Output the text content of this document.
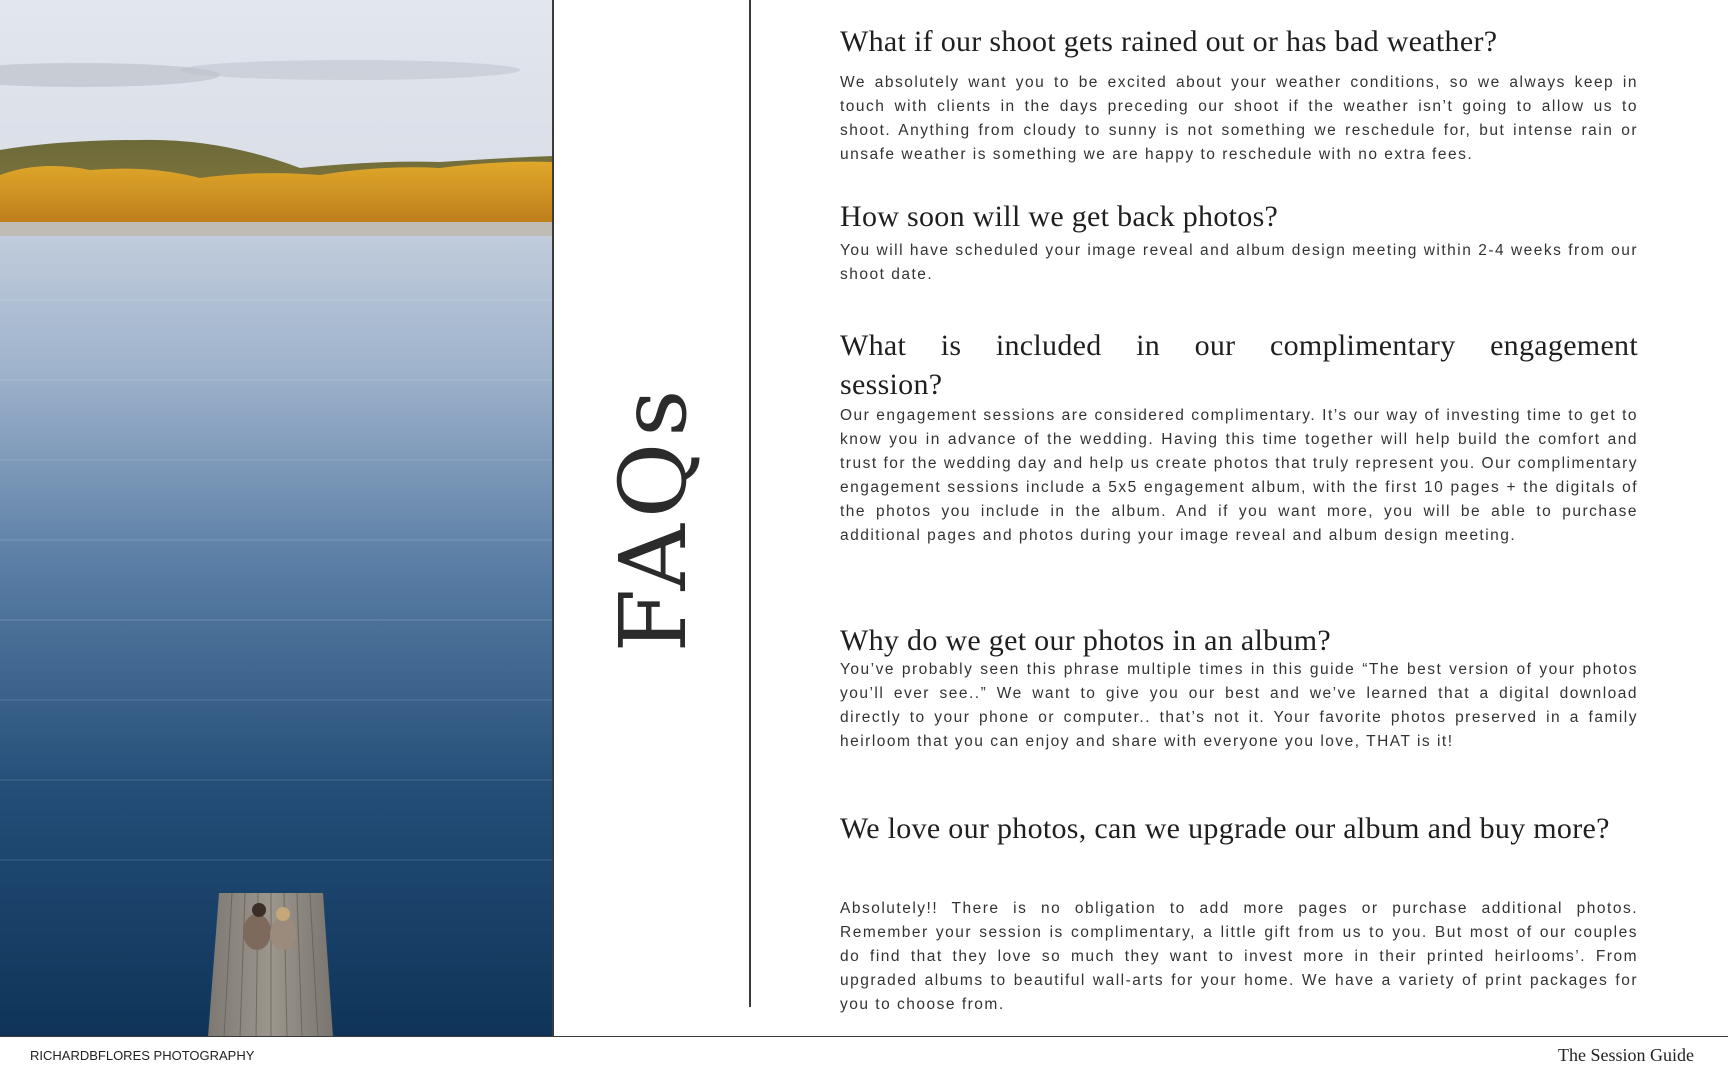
FAQs
What if our shoot gets rained out or has bad weather?

We absolutely want you to be excited about your weather conditions, so we always keep in touch with clients in the days preceding our shoot if the weather isn’t going to allow us to shoot. Anything from cloudy to sunny is not something we reschedule for, but intense rain or unsafe weather is something we are happy to reschedule with no extra fees.

How soon will we get back photos?

You will have scheduled your image reveal and album design meeting within 2-4 weeks from our shoot date.

What is included in our complimentary engagement session?

Our engagement sessions are considered complimentary. It’s our way of investing time to get to know you in advance of the wedding. Having this time together will help build the comfort and trust for the wedding day and help us create photos that truly represent you. Our complimentary engagement sessions include a 5x5 engagement album, with the first 10 pages + the digitals of the photos you include in the album. And if you want more, you will be able to purchase additional pages and photos during your image reveal and album design meeting.

Why do we get our photos in an album?

You’ve probably seen this phrase multiple times in this guide “The best version of your photos you’ll ever see..” We want to give you our best and we’ve learned that a digital download directly to your phone or computer.. that’s not it. Your favorite photos preserved in a family heirloom that you can enjoy and share with everyone you love, THAT is it!

We love our photos, can we upgrade our album and buy more?

Absolutely!! There is no obligation to add more pages or purchase additional photos. Remember your session is complimentary, a little gift from us to you. But most of our couples do find that they love so much they want to invest more in their printed heirlooms’. From upgraded albums to beautiful wall-arts for your home. We have a variety of print packages for you to choose from.

RICHARDBFLORES PHOTOGRAPHY	The Session Guide
